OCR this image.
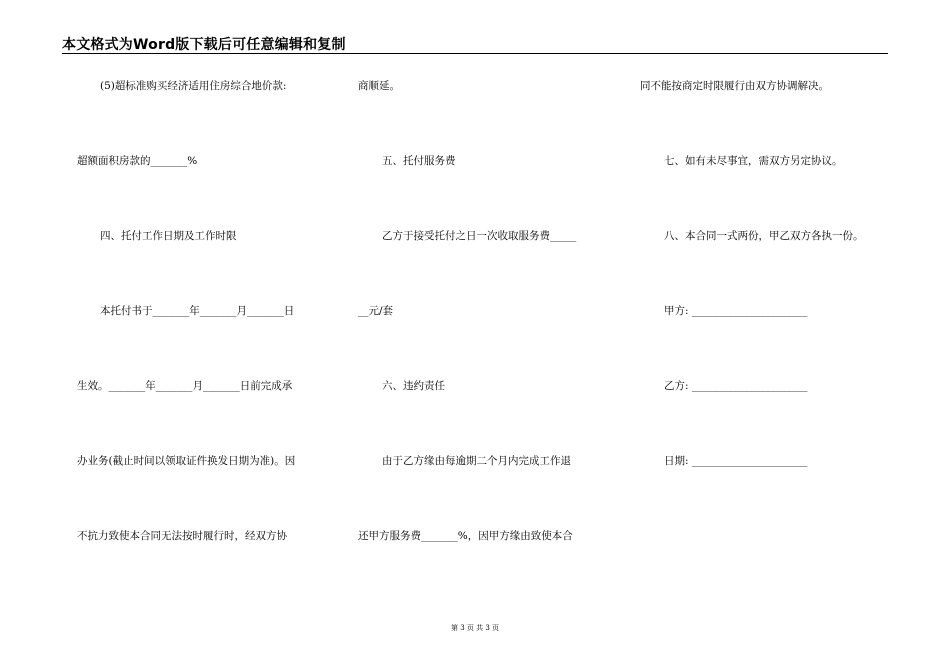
本文格式为Word版下载后可任意编辑和复制
(5)超标准购买经济适用住房综合地价款:
超额面积房款的_______%
四、托付工作日期及工作时限
本托付书于_______年_______月_______日
生效。_______年_______月_______日前完成承
办业务(截止时间以领取证件换发日期为准)。因
不抗力致使本合同无法按时履行时，经双方协
商顺延。
五、托付服务费
乙方于接受托付之日一次收取服务费_____
__元/套
六、违约责任
由于乙方缘由每逾期二个月内完成工作退
还甲方服务费_______%，因甲方缘由致使本合
同不能按商定时限履行由双方协调解决。
七、如有未尽事宜，需双方另定协议。
八、本合同一式两份，甲乙双方各执一份。
甲方: ______________________
乙方: ______________________
日期: ______________________
第 3 页 共 3 页
